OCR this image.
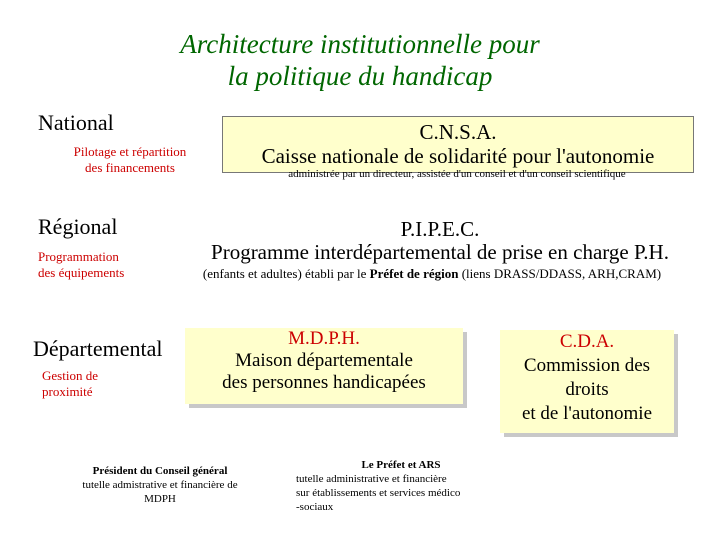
Architecture institutionnelle pour
la politique du handicap
National
Pilotage et répartition
des financements
C.N.S.A.
Caisse nationale de solidarité pour l'autonomie
administrée par un directeur, assistée d'un conseil et d'un conseil scientifique
Régional
Programmation
des équipements
P.I.P.E.C.
Programme interdépartemental de prise en charge P.H.
(enfants et adultes) établi par le Préfet de région (liens DRASS/DDASS, ARH,CRAM)
Départemental
Gestion de
proximité
M.D.P.H.
Maison départementale
des personnes handicapées
C.D.A.
Commission des
droits
et de l'autonomie
Président du Conseil général
tutelle admistrative et financière de
MDPH
Le Préfet et ARS
tutelle administrative et financière
sur établissements et services médico
-sociaux
